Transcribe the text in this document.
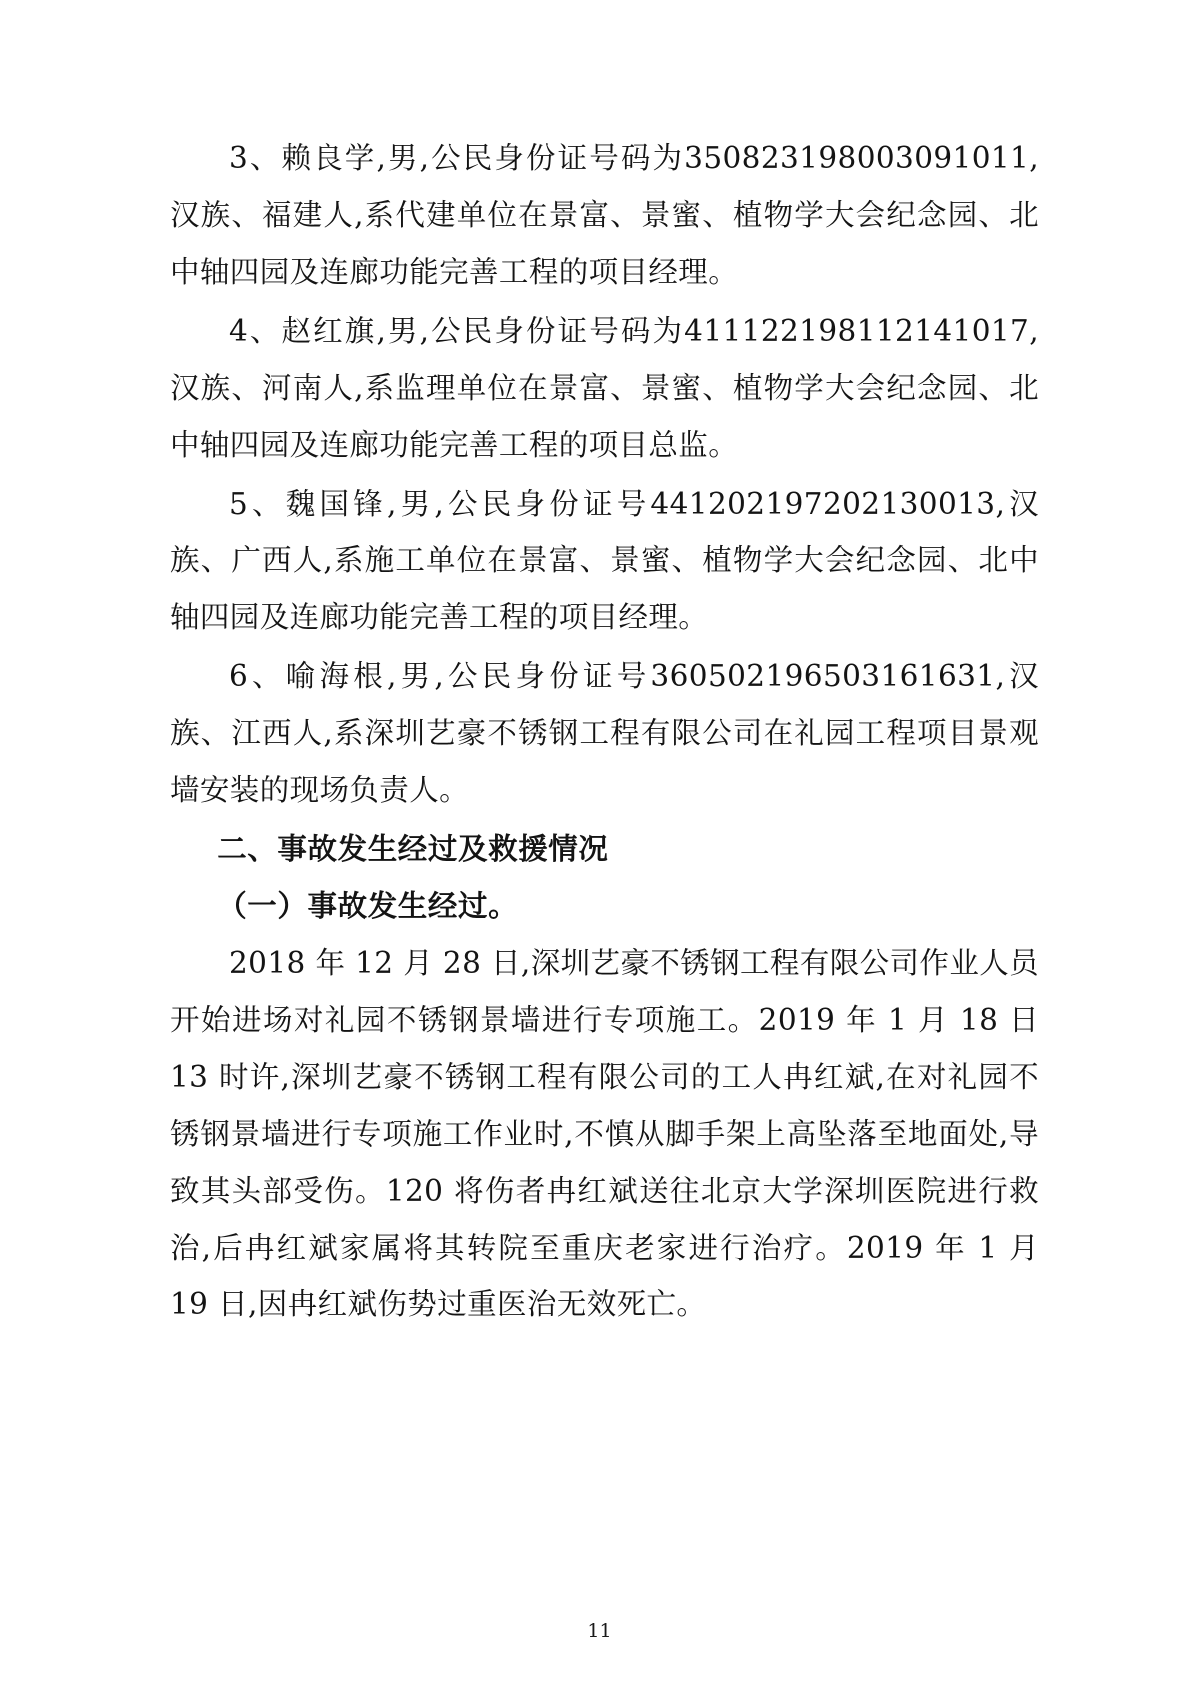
3、赖良学,男,公民身份证号码为350823198003091011,汉族、福建人,系代建单位在景富、景蜜、植物学大会纪念园、北中轴四园及连廊功能完善工程的项目经理。

4、赵红旗,男,公民身份证号码为411122198112141017,汉族、河南人,系监理单位在景富、景蜜、植物学大会纪念园、北中轴四园及连廊功能完善工程的项目总监。

5、魏国锋,男,公民身份证号441202197202130013,汉族、广西人,系施工单位在景富、景蜜、植物学大会纪念园、北中轴四园及连廊功能完善工程的项目经理。

6、喻海根,男,公民身份证号360502196503161631,汉族、江西人,系深圳艺豪不锈钢工程有限公司在礼园工程项目景观墙安装的现场负责人。

二、事故发生经过及救援情况

（一）事故发生经过。

2018 年 12 月 28 日,深圳艺豪不锈钢工程有限公司作业人员开始进场对礼园不锈钢景墙进行专项施工。2019 年 1 月 18 日 13 时许,深圳艺豪不锈钢工程有限公司的工人冉红斌,在对礼园不锈钢景墙进行专项施工作业时,不慎从脚手架上高坠落至地面处,导致其头部受伤。120 将伤者冉红斌送往北京大学深圳医院进行救治,后冉红斌家属将其转院至重庆老家进行治疗。2019 年 1 月 19 日,因冉红斌伤势过重医治无效死亡。

11
